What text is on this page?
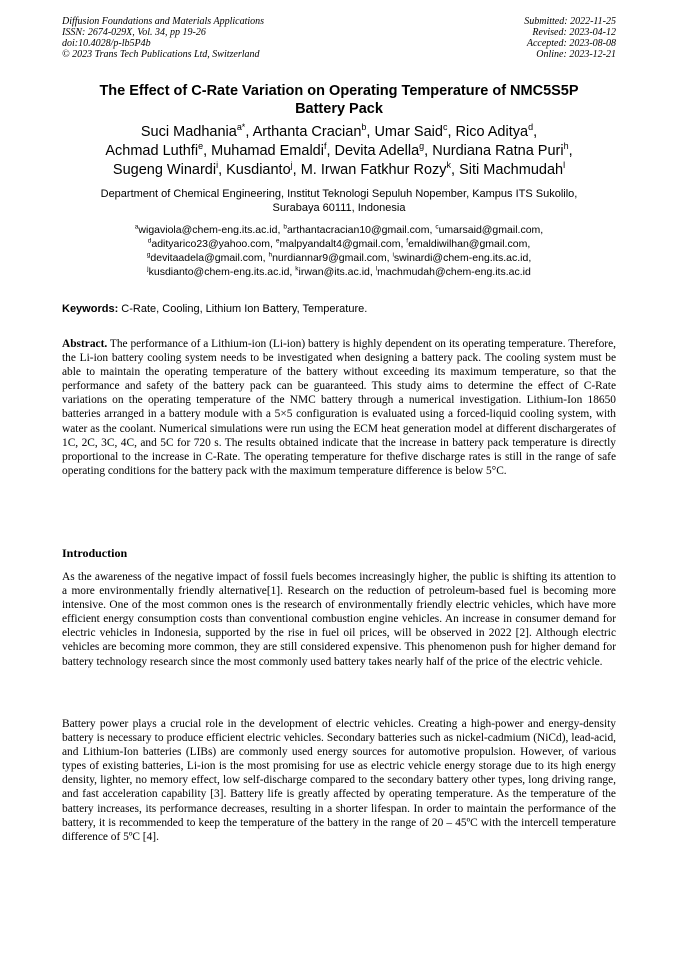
Diffusion Foundations and Materials Applications
ISSN: 2674-029X, Vol. 34, pp 19-26
doi:10.4028/p-lb5P4b
© 2023 Trans Tech Publications Ltd, Switzerland
Submitted: 2022-11-25
Revised: 2023-04-12
Accepted: 2023-08-08
Online: 2023-12-21
The Effect of C-Rate Variation on Operating Temperature of NMC5S5P
Battery Pack
Suci Madhania$^{a*}$, Arthanta Cracian$^b$, Umar Said$^c$, Rico Aditya$^d$,
Achmad Luthfi$^e$, Muhamad Emaldi$^f$, Devita Adella$^g$, Nurdiana Ratna Puri$^h$,
Sugeng Winardi$^i$, Kusdianto$^j$, M. Irwan Fatkhur Rozy$^k$, Siti Machmudah$^l$
Department of Chemical Engineering, Institut Teknologi Sepuluh Nopember, Kampus ITS Sukolilo,
Surabaya 60111, Indonesia
$^a$wigaviola@chem-eng.its.ac.id, $^b$arthantacracian10@gmail.com, $^c$umarsaid@gmail.com,
$^d$adityarico23@yahoo.com, $^e$malpyandalt4@gmail.com, $^f$emaldiwilhan@gmail.com,
$^g$devitaadela@gmail.com, $^h$nurdiannar9@gmail.com, $^i$swinardi@chem-eng.its.ac.id,
$^j$kusdianto@chem-eng.its.ac.id, $^k$irwan@its.ac.id, $^l$machmudah@chem-eng.its.ac.id
Keywords: C-Rate, Cooling, Lithium Ion Battery, Temperature.
Abstract. The performance of a Lithium-ion (Li-ion) battery is highly dependent on its operating temperature. Therefore, the Li-ion battery cooling system needs to be investigated when designing a battery pack. The cooling system must be able to maintain the operating temperature of the battery without exceeding its maximum temperature, so that the performance and safety of the battery pack can be guaranteed. This study aims to determine the effect of C-Rate variations on the operating temperature of the NMC battery through a numerical investigation. Lithium-Ion 18650 batteries arranged in a battery module with a 5×5 configuration is evaluated using a forced-liquid cooling system, with water as the coolant. Numerical simulations were run using the ECM heat generation model at different dischargerates of 1C, 2C, 3C, 4C, and 5C for 720 s. The results obtained indicate that the increase in battery pack temperature is directly proportional to the increase in C-Rate. The operating temperature for thefive discharge rates is still in the range of safe operating conditions for the battery pack with the maximum temperature difference is below 5°C.
Introduction

As the awareness of the negative impact of fossil fuels becomes increasingly higher, the public is shifting its attention to a more environmentally friendly alternative[1]. Research on the reduction of petroleum-based fuel is becoming more intensive. One of the most common ones is the research of environmentally friendly electric vehicles, which have more efficient energy consumption costs than conventional combustion engine vehicles. An increase in consumer demand for electric vehicles in Indonesia, supported by the rise in fuel oil prices, will be observed in 2022 [2]. Although electric vehicles are becoming more common, they are still considered expensive. This phenomenon push for higher demand for battery technology research since the most commonly used battery takes nearly half of the price of the electric vehicle.

Battery power plays a crucial role in the development of electric vehicles. Creating a high-power and energy-density battery is necessary to produce efficient electric vehicles. Secondary batteries such as nickel-cadmium (NiCd), lead-acid, and Lithium-Ion batteries (LIBs) are commonly used energy sources for automotive propulsion. However, of various types of existing batteries, Li-ion is the most promising for use as electric vehicle energy storage due to its high energy density, lighter, no memory effect, low self-discharge compared to the secondary battery other types, long driving range, and fast acceleration capability [3]. Battery life is greatly affected by operating temperature. As the temperature of the battery increases, its performance decreases, resulting in a shorter lifespan. In order to maintain the performance of the battery, it is recommended to keep the temperature of the battery in the range of 20 – 45ºC with the intercell temperature difference of 5ºC [4].
